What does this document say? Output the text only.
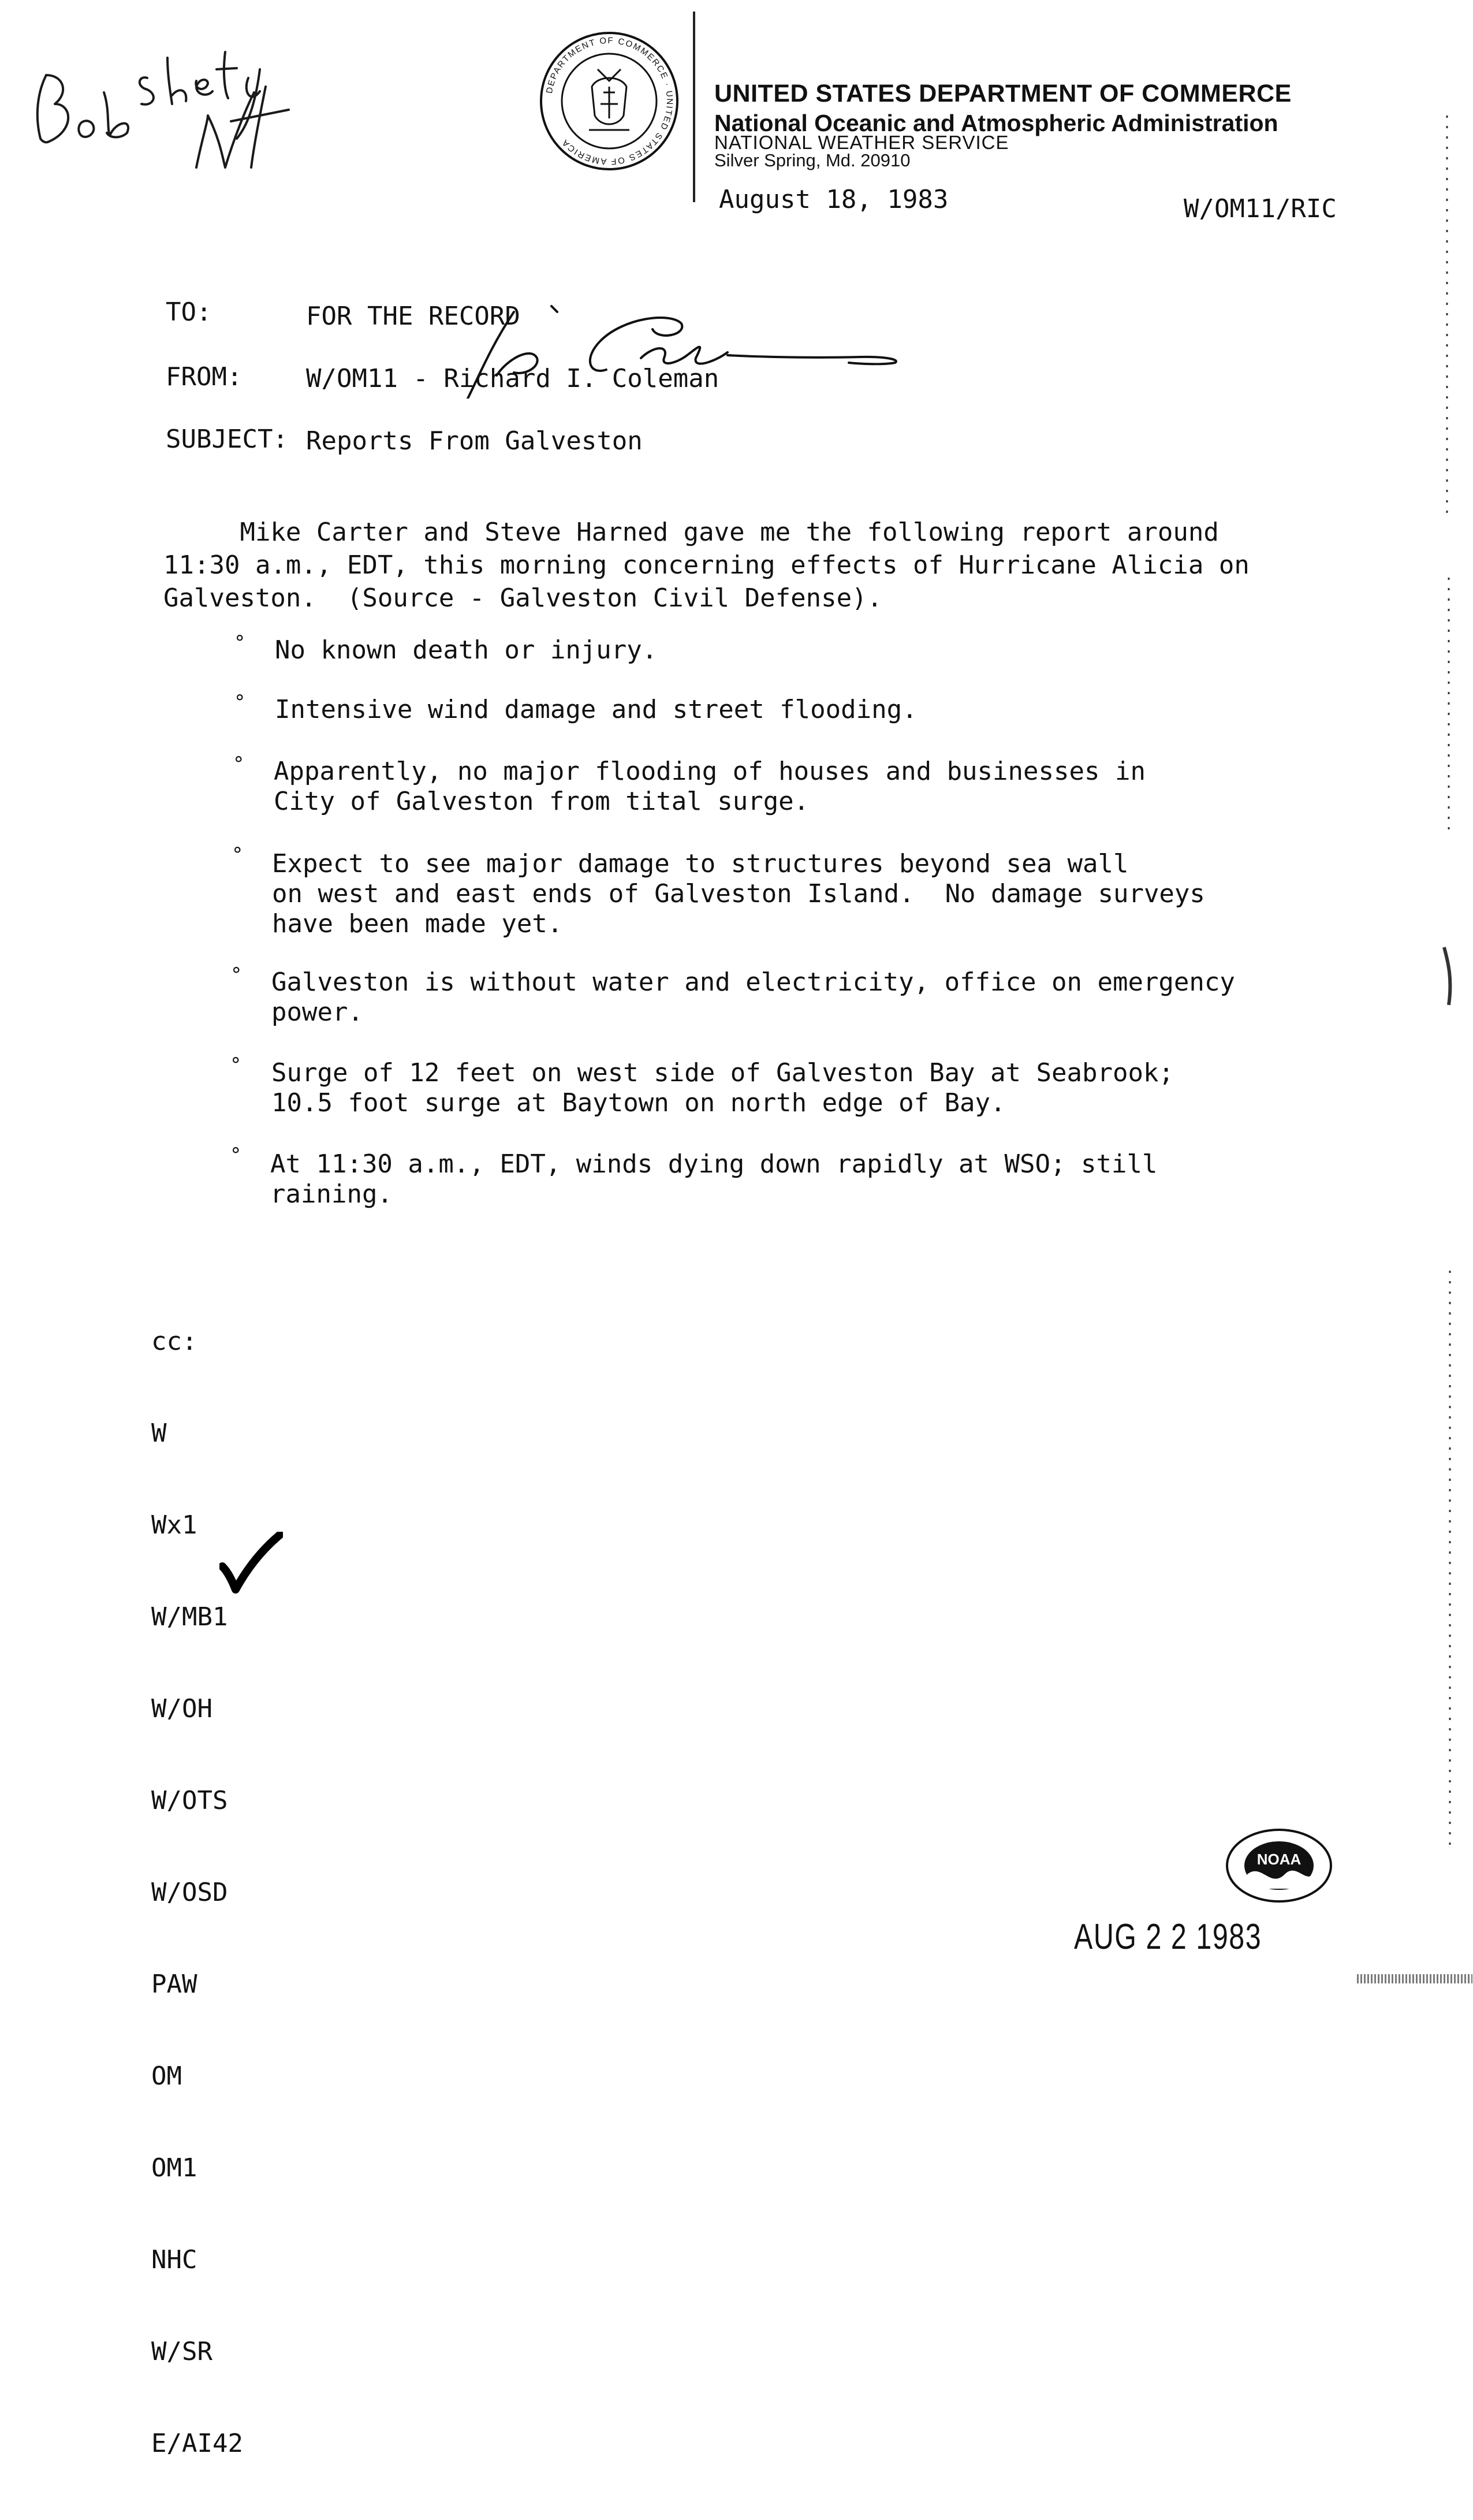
DEPARTMENT OF COMMERCE · UNITED STATES OF AMERICA
UNITED STATES DEPARTMENT OF COMMERCE
National Oceanic and Atmospheric Administration
NATIONAL WEATHER SERVICE
Silver Spring, Md. 20910
August 18, 1983	W/OM11/RIC
TO:	FOR THE RECORD
FROM:	W/OM11 - Richard I. Coleman
SUBJECT: Reports From Galveston
Mike Carter and Steve Harned gave me the following report around
11:30 a.m., EDT, this morning concerning effects of Hurricane Alicia on
Galveston.  (Source - Galveston Civil Defense).
° No known death or injury.
° Intensive wind damage and street flooding.
° Apparently, no major flooding of houses and businesses in
City of Galveston from tital surge.
° Expect to see major damage to structures beyond sea wall
on west and east ends of Galveston Island.  No damage surveys
have been made yet.
° Galveston is without water and electricity, office on emergency
power.
° Surge of 12 feet on west side of Galveston Bay at Seabrook;
10.5 foot surge at Baytown on north edge of Bay.
° At 11:30 a.m., EDT, winds dying down rapidly at WSO; still
raining.

cc:

W

Wx1

W/MB1

W/OH

W/OTS

W/OSD

PAW

OM

OM1

NHC

W/SR

E/AI42

NOAA
AUG 2 2 1983
